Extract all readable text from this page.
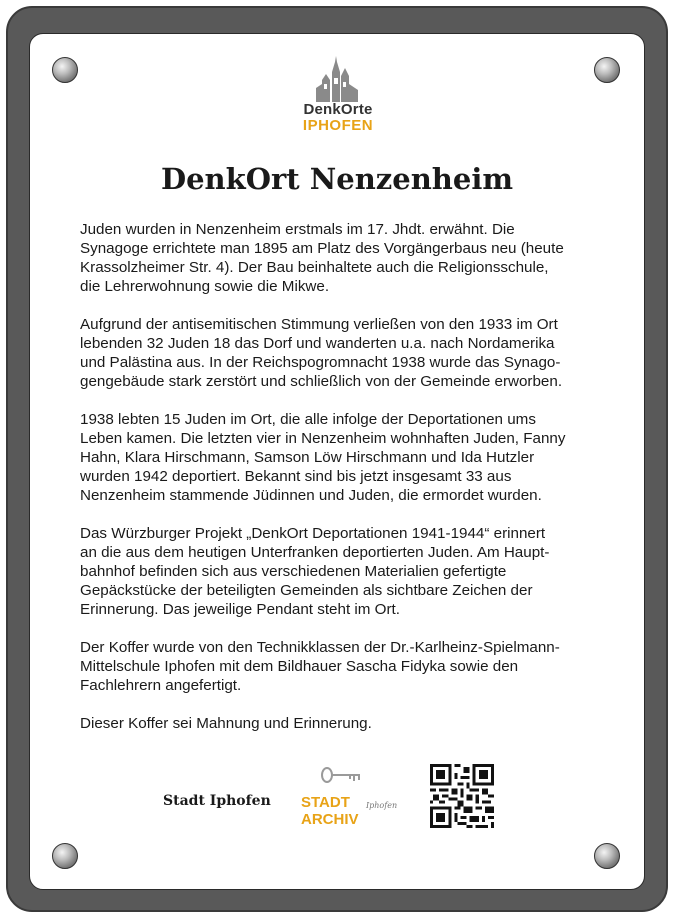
DenkOrte
IPHOFEN
DenkOrt Nenzenheim

Juden wurden in Nenzenheim erstmals im 17. Jhdt. erwähnt. Die
Synagoge errichtete man 1895 am Platz des Vorgängerbaus neu (heute
Krassolzheimer Str. 4). Der Bau beinhaltete auch die Religionsschule,
die Lehrerwohnung sowie die Mikwe.

Aufgrund der antisemitischen Stimmung verließen von den 1933 im Ort
lebenden 32 Juden 18 das Dorf und wanderten u.a. nach Nordamerika
und Palästina aus. In der Reichspogromnacht 1938 wurde das Synago-
gengebäude stark zerstört und schließlich von der Gemeinde erworben.

1938 lebten 15 Juden im Ort, die alle infolge der Deportationen ums
Leben kamen. Die letzten vier in Nenzenheim wohnhaften Juden, Fanny
Hahn, Klara Hirschmann, Samson Löw Hirschmann und Ida Hutzler
wurden 1942 deportiert. Bekannt sind bis jetzt insgesamt 33 aus
Nenzenheim stammende Jüdinnen und Juden, die ermordet wurden.

Das Würzburger Projekt „DenkOrt Deportationen 1941-1944“ erinnert
an die aus dem heutigen Unterfranken deportierten Juden. Am Haupt-
bahnhof befinden sich aus verschiedenen Materialien gefertigte
Gepäckstücke der beteiligten Gemeinden als sichtbare Zeichen der
Erinnerung. Das jeweilige Pendant steht im Ort.

Der Koffer wurde von den Technikklassen der Dr.-Karlheinz-Spielmann-
Mittelschule Iphofen mit dem Bildhauer Sascha Fidyka sowie den
Fachlehrern angefertigt.

Dieser Koffer sei Mahnung und Erinnerung.

Stadt Iphofen STADT
ARCHIV
Iphofen
